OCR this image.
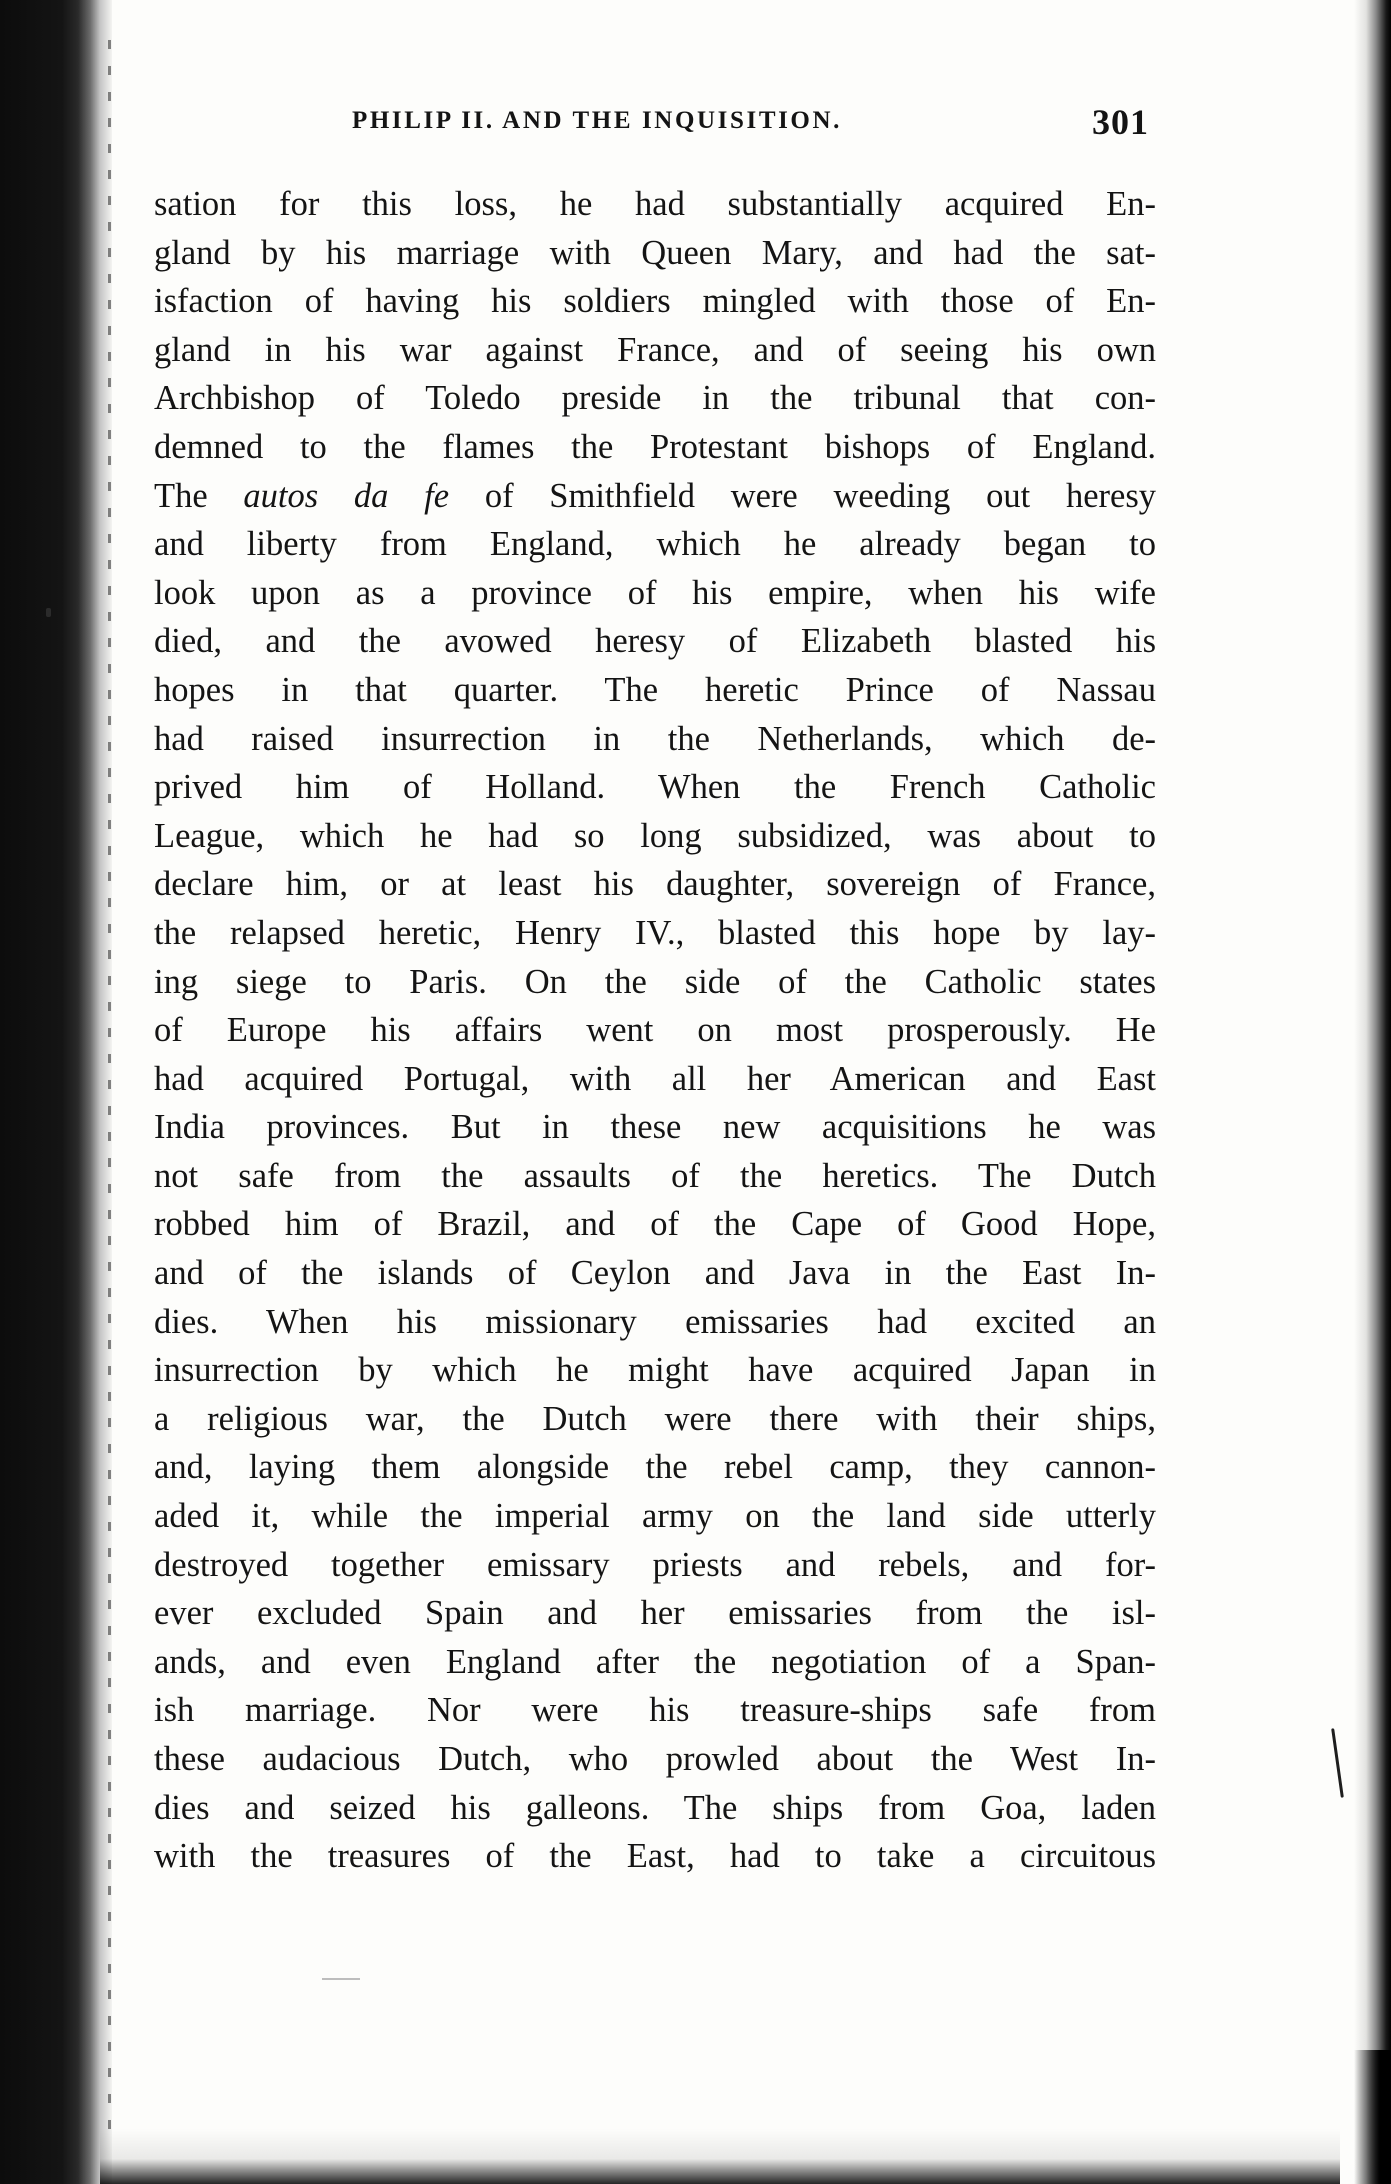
PHILIP II. AND THE INQUISITION.	301
sation for this loss, he had substantially acquired En-
gland by his marriage with Queen Mary, and had the sat-
isfaction of having his soldiers mingled with those of En-
gland in his war against France, and of seeing his own
Archbishop of Toledo preside in the tribunal that con-
demned to the flames the Protestant bishops of England.
The autos da fe of Smithfield were weeding out heresy
and liberty from England, which he already began to
look upon as a province of his empire, when his wife
died, and the avowed heresy of Elizabeth blasted his
hopes in that quarter. The heretic Prince of Nassau
had raised insurrection in the Netherlands, which de-
prived him of Holland. When the French Catholic
League, which he had so long subsidized, was about to
declare him, or at least his daughter, sovereign of France,
the relapsed heretic, Henry IV., blasted this hope by lay-
ing siege to Paris. On the side of the Catholic states
of Europe his affairs went on most prosperously. He
had acquired Portugal, with all her American and East
India provinces. But in these new acquisitions he was
not safe from the assaults of the heretics. The Dutch
robbed him of Brazil, and of the Cape of Good Hope,
and of the islands of Ceylon and Java in the East In-
dies. When his missionary emissaries had excited an
insurrection by which he might have acquired Japan in
a religious war, the Dutch were there with their ships,
and, laying them alongside the rebel camp, they cannon-
aded it, while the imperial army on the land side utterly
destroyed together emissary priests and rebels, and for-
ever excluded Spain and her emissaries from the isl-
ands, and even England after the negotiation of a Span-
ish marriage. Nor were his treasure-ships safe from
these audacious Dutch, who prowled about the West In-
dies and seized his galleons. The ships from Goa, laden
with the treasures of the East, had to take a circuitous
